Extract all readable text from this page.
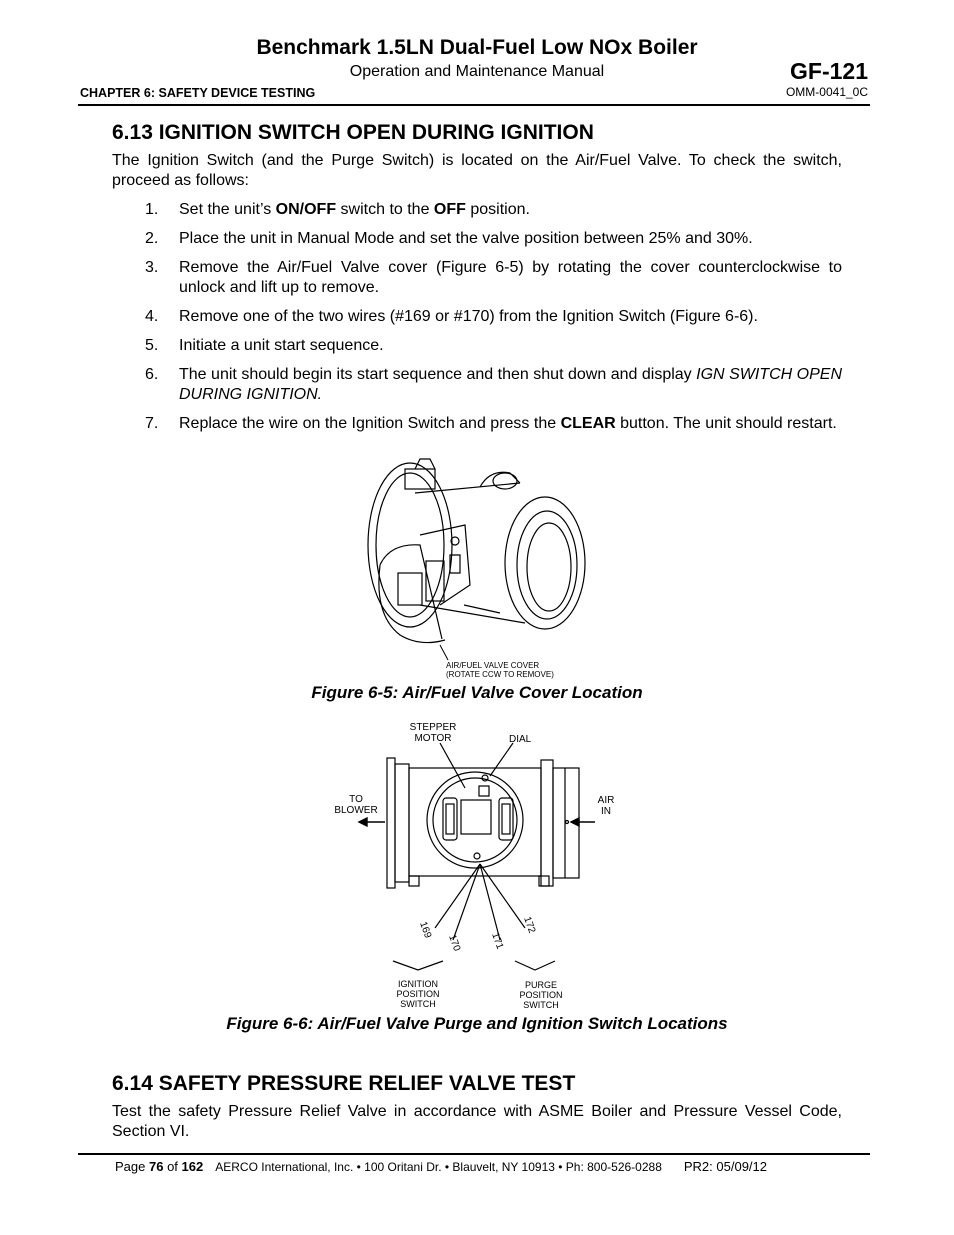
Benchmark 1.5LN Dual-Fuel Low NOx Boiler
Operation and Maintenance Manual	GF-121
CHAPTER 6: SAFETY DEVICE TESTING	OMM-0041_0C
6.13 IGNITION SWITCH OPEN DURING IGNITION
The Ignition Switch (and the Purge Switch) is located on the Air/Fuel Valve. To check the switch, proceed as follows:
1. Set the unit’s ON/OFF switch to the OFF position.
2. Place the unit in Manual Mode and set the valve position between 25% and 30%.
3. Remove the Air/Fuel Valve cover (Figure 6-5) by rotating the cover counterclockwise to unlock and lift up to remove.
4. Remove one of the two wires (#169 or #170) from the Ignition Switch (Figure 6-6).
5. Initiate a unit start sequence.
6. The unit should begin its start sequence and then shut down and display IGN SWITCH OPEN DURING IGNITION.
7. Replace the wire on the Ignition Switch and press the CLEAR button. The unit should restart.
AIR/FUEL VALVE COVER
(ROTATE CCW TO REMOVE)
Figure 6-5: Air/Fuel Valve Cover Location
169
170	171
172
STEPPER
MOTOR	DIAL
TO
BLOWER
AIR
IN
IGNITION
POSITION
SWITCH
PURGE
POSITION
SWITCH
Figure 6-6: Air/Fuel Valve Purge and Ignition Switch Locations
6.14 SAFETY PRESSURE RELIEF VALVE TEST
Test the safety Pressure Relief Valve in accordance with ASME Boiler and Pressure Vessel Code, Section VI.
Page 76 of 162 AERCO International, Inc. • 100 Oritani Dr. • Blauvelt, NY 10913 • Ph: 800-526-0288 PR2: 05/09/12
